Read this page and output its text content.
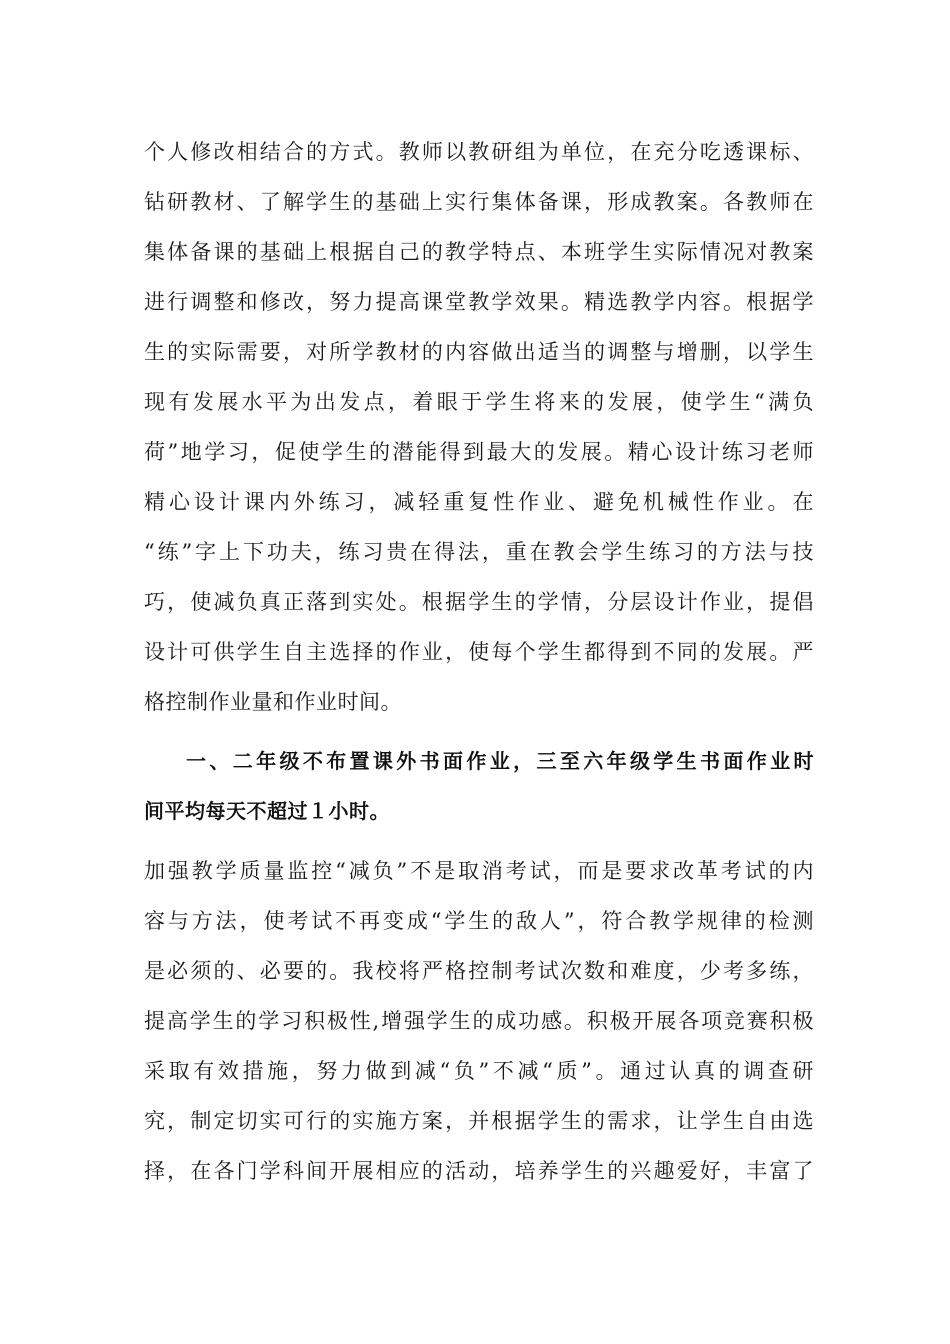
个人修改相结合的方式。教师以教研组为单位，在充分吃透课标、

钻研教材、了解学生的基础上实行集体备课，形成教案。各教师在

集体备课的基础上根据自己的教学特点、本班学生实际情况对教案

进行调整和修改，努力提高课堂教学效果。精选教学内容。根据学

生的实际需要，对所学教材的内容做出适当的调整与增删，以学生

现有发展水平为出发点，着眼于学生将来的发展，使学生“满负

荷”地学习，促使学生的潜能得到最大的发展。精心设计练习老师

精心设计课内外练习，减轻重复性作业、避免机械性作业。在

“练”字上下功夫，练习贵在得法，重在教会学生练习的方法与技

巧，使减负真正落到实处。根据学生的学情，分层设计作业，提倡

设计可供学生自主选择的作业，使每个学生都得到不同的发展。严

格控制作业量和作业时间。

一、二年级不布置课外书面作业，三至六年级学生书面作业时

间平均每天不超过１小时。

加强教学质量监控“减负”不是取消考试，而是要求改革考试的内

容与方法，使考试不再变成“学生的敌人”，符合教学规律的检测

是必须的、必要的。我校将严格控制考试次数和难度，少考多练，

提高学生的学习积极性,增强学生的成功感。积极开展各项竞赛积极

采取有效措施，努力做到减“负”不减“质”。通过认真的调查研

究，制定切实可行的实施方案，并根据学生的需求，让学生自由选

择，在各门学科间开展相应的活动，培养学生的兴趣爱好，丰富了
